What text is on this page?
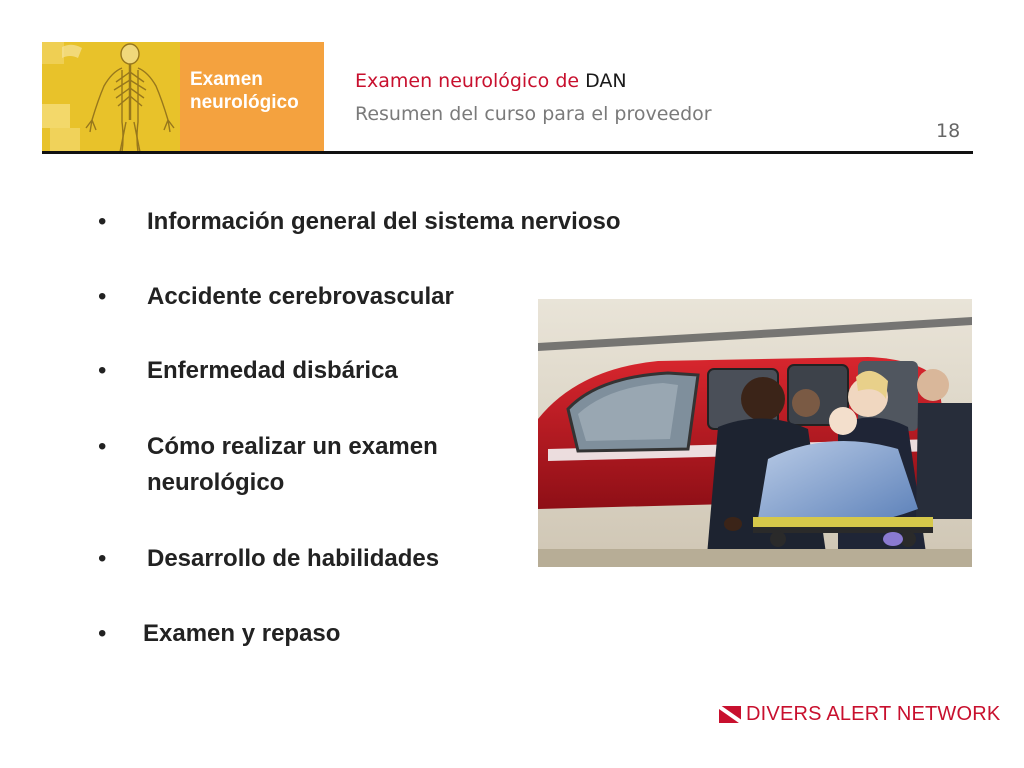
Examen
neurológico
Examen neurológico de DAN
Resumen del curso para el proveedor
18
• Información general del sistema nervioso
• Accidente cerebrovascular
• Enfermedad disbárica
• Cómo realizar un examen
neurológico
• Desarrollo de habilidades
• Examen y repaso
DIVERS ALERT NETWORK
